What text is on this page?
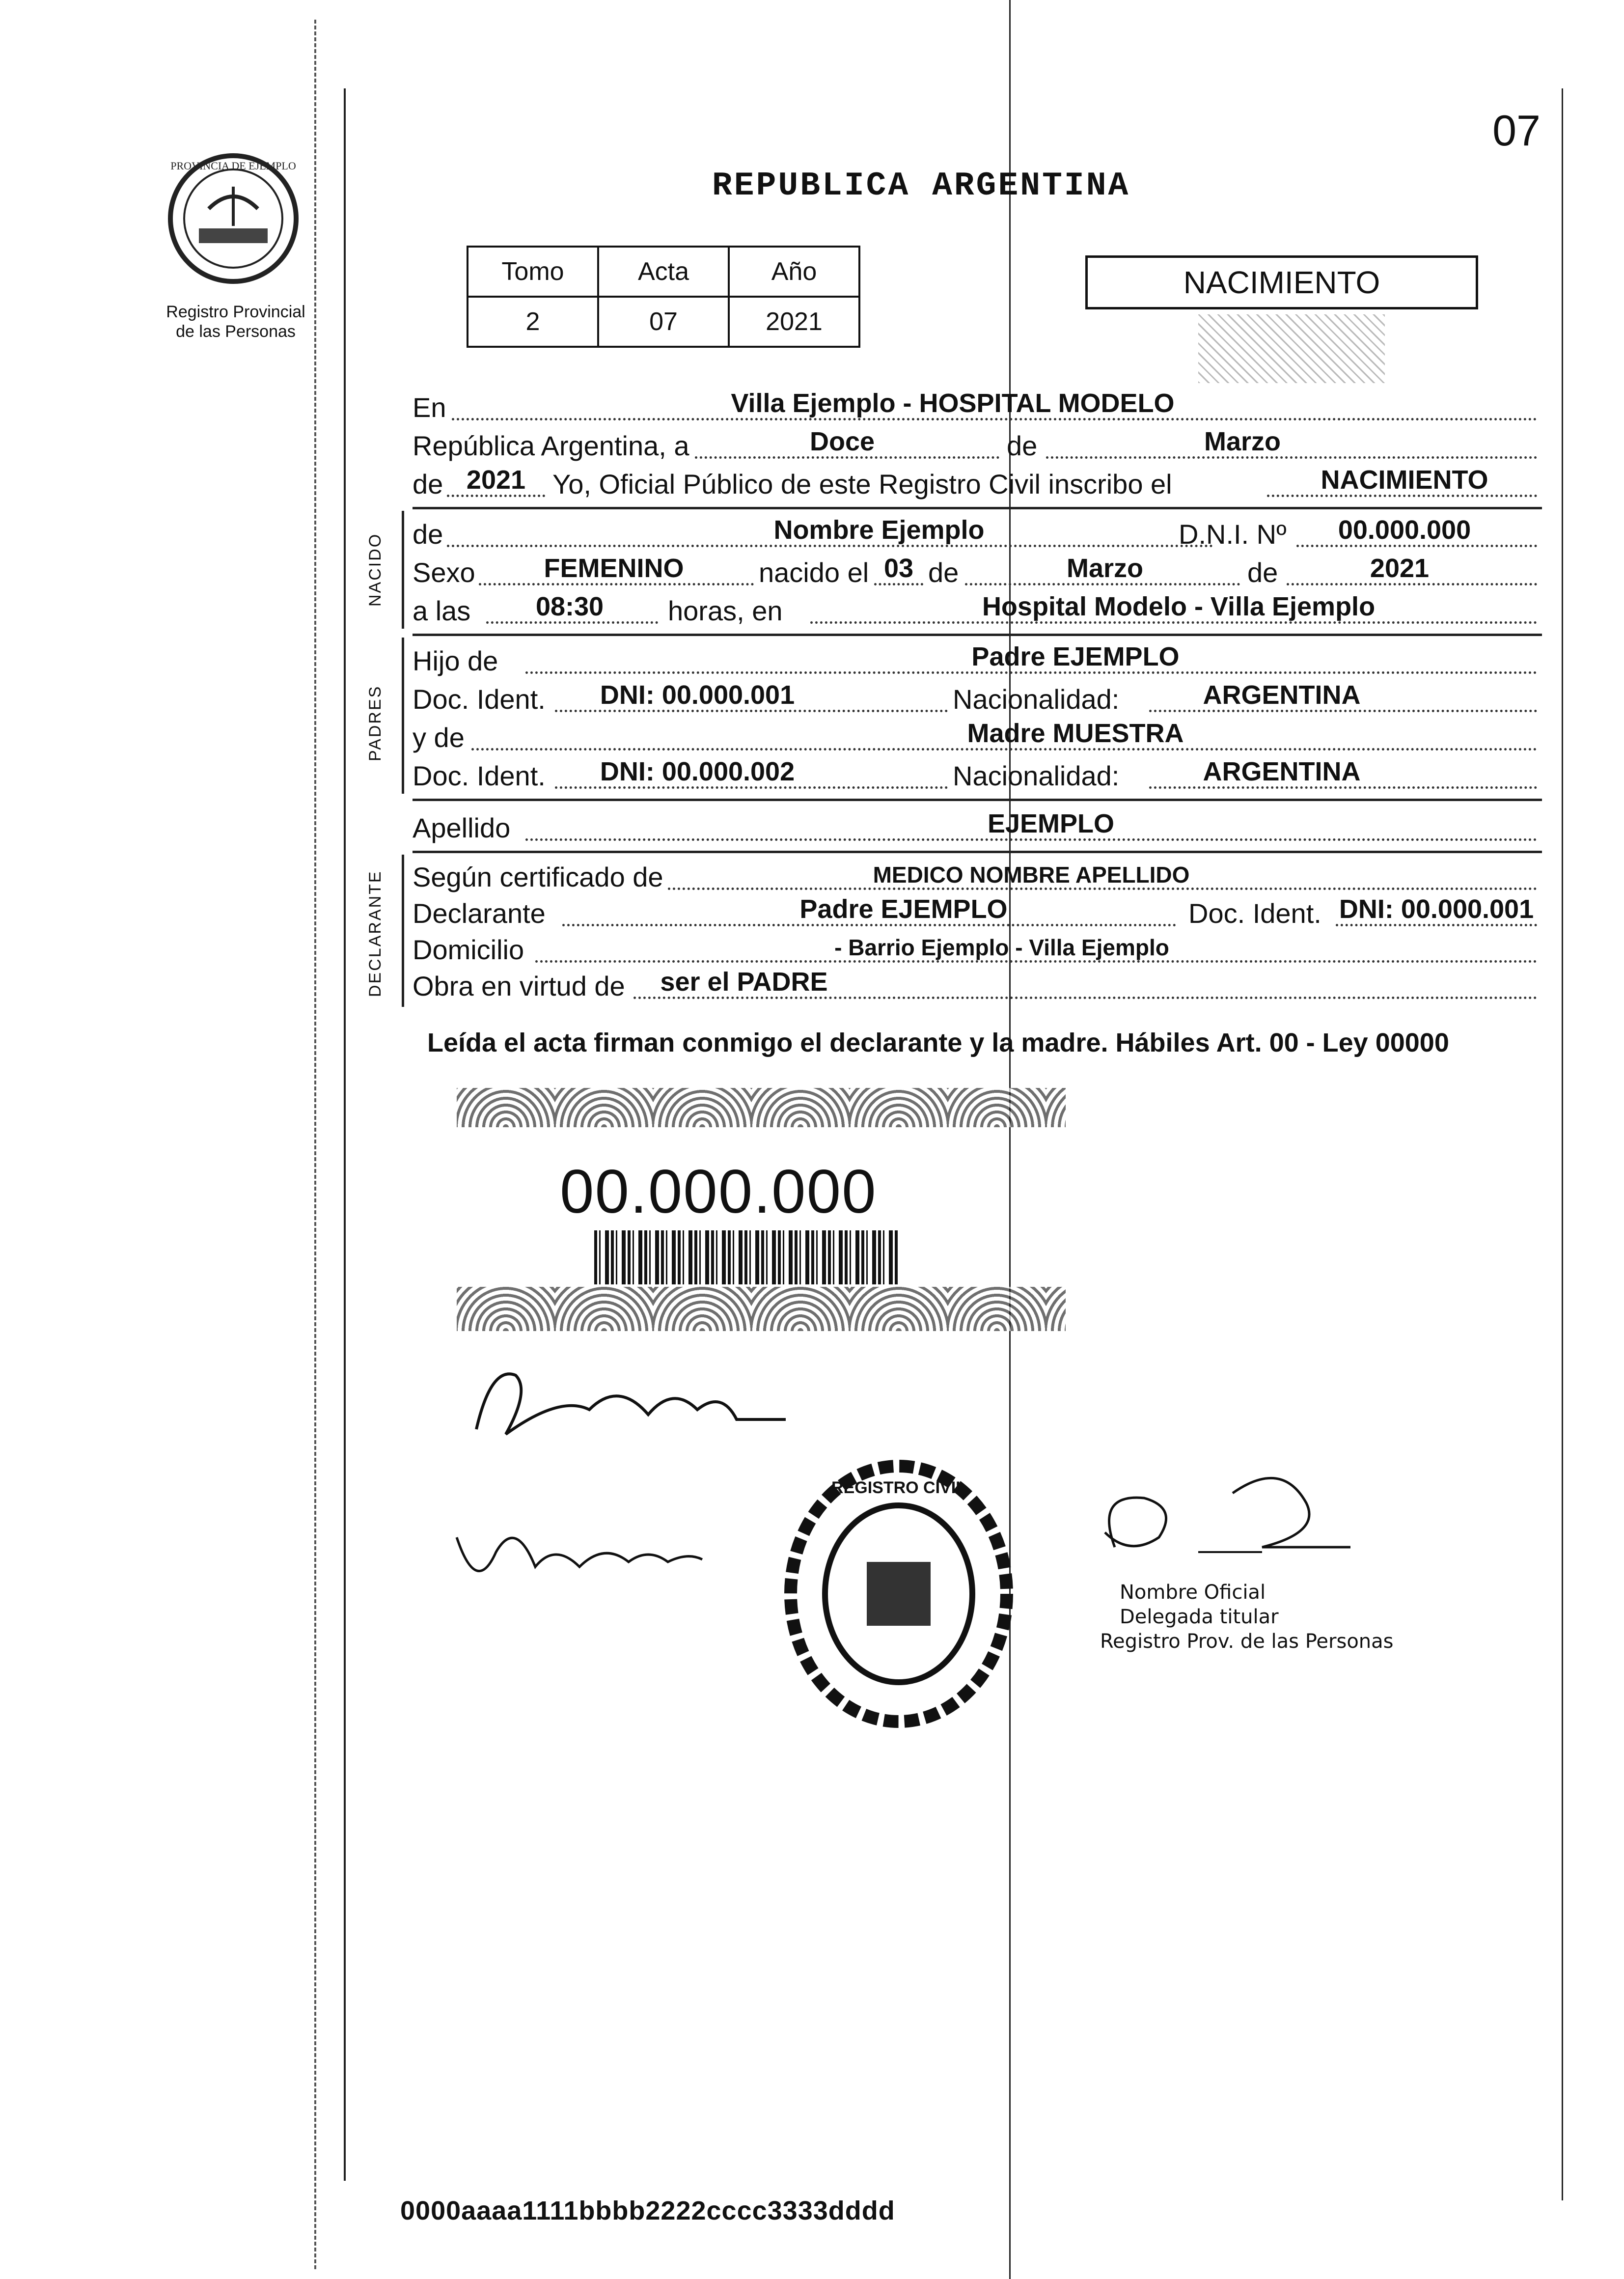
07
REPUBLICA ARGENTINA
PROVINCIA DE EJEMPLO
Registro Provincial
de las Personas
Tomo	Acta	Año
2	07	2021
NACIMIENTO
En	Villa Ejemplo - HOSPITAL MODELO
República Argentina, a	Doce	de	Marzo
de 2021 Yo, Oficial Público de este Registro Civil inscribo el	NACIMIENTO
NACIDO de	Nombre Ejemplo	D.N.I. Nº	00.000.000
Sexo	FEMENINO	nacido el 03 de	Marzo	de	2021
a las	08:30	horas, en	Hospital Modelo - Villa Ejemplo
PADRES
Hijo de	Padre EJEMPLO
Doc. Ident.	DNI: 00.000.001	Nacionalidad:	ARGENTINA
y de	Madre MUESTRA
Doc. Ident.	DNI: 00.000.002	Nacionalidad:	ARGENTINA
Apellido	EJEMPLO
DECLARANTE Según certificado de	MEDICO NOMBRE APELLIDO
Declarante	Padre EJEMPLO	Doc. Ident. DNI: 00.000.001
Domicilio	- Barrio Ejemplo - Villa Ejemplo
Obra en virtud de	ser el PADRE
Leída el acta firman conmigo el declarante y la madre. Hábiles Art. 00 - Ley 00000
00.000.000
REGISTRO CIVIL
Nombre Oficial
Delegada titular
Registro Prov. de las Personas
0000aaaa1111bbbb2222cccc3333dddd
